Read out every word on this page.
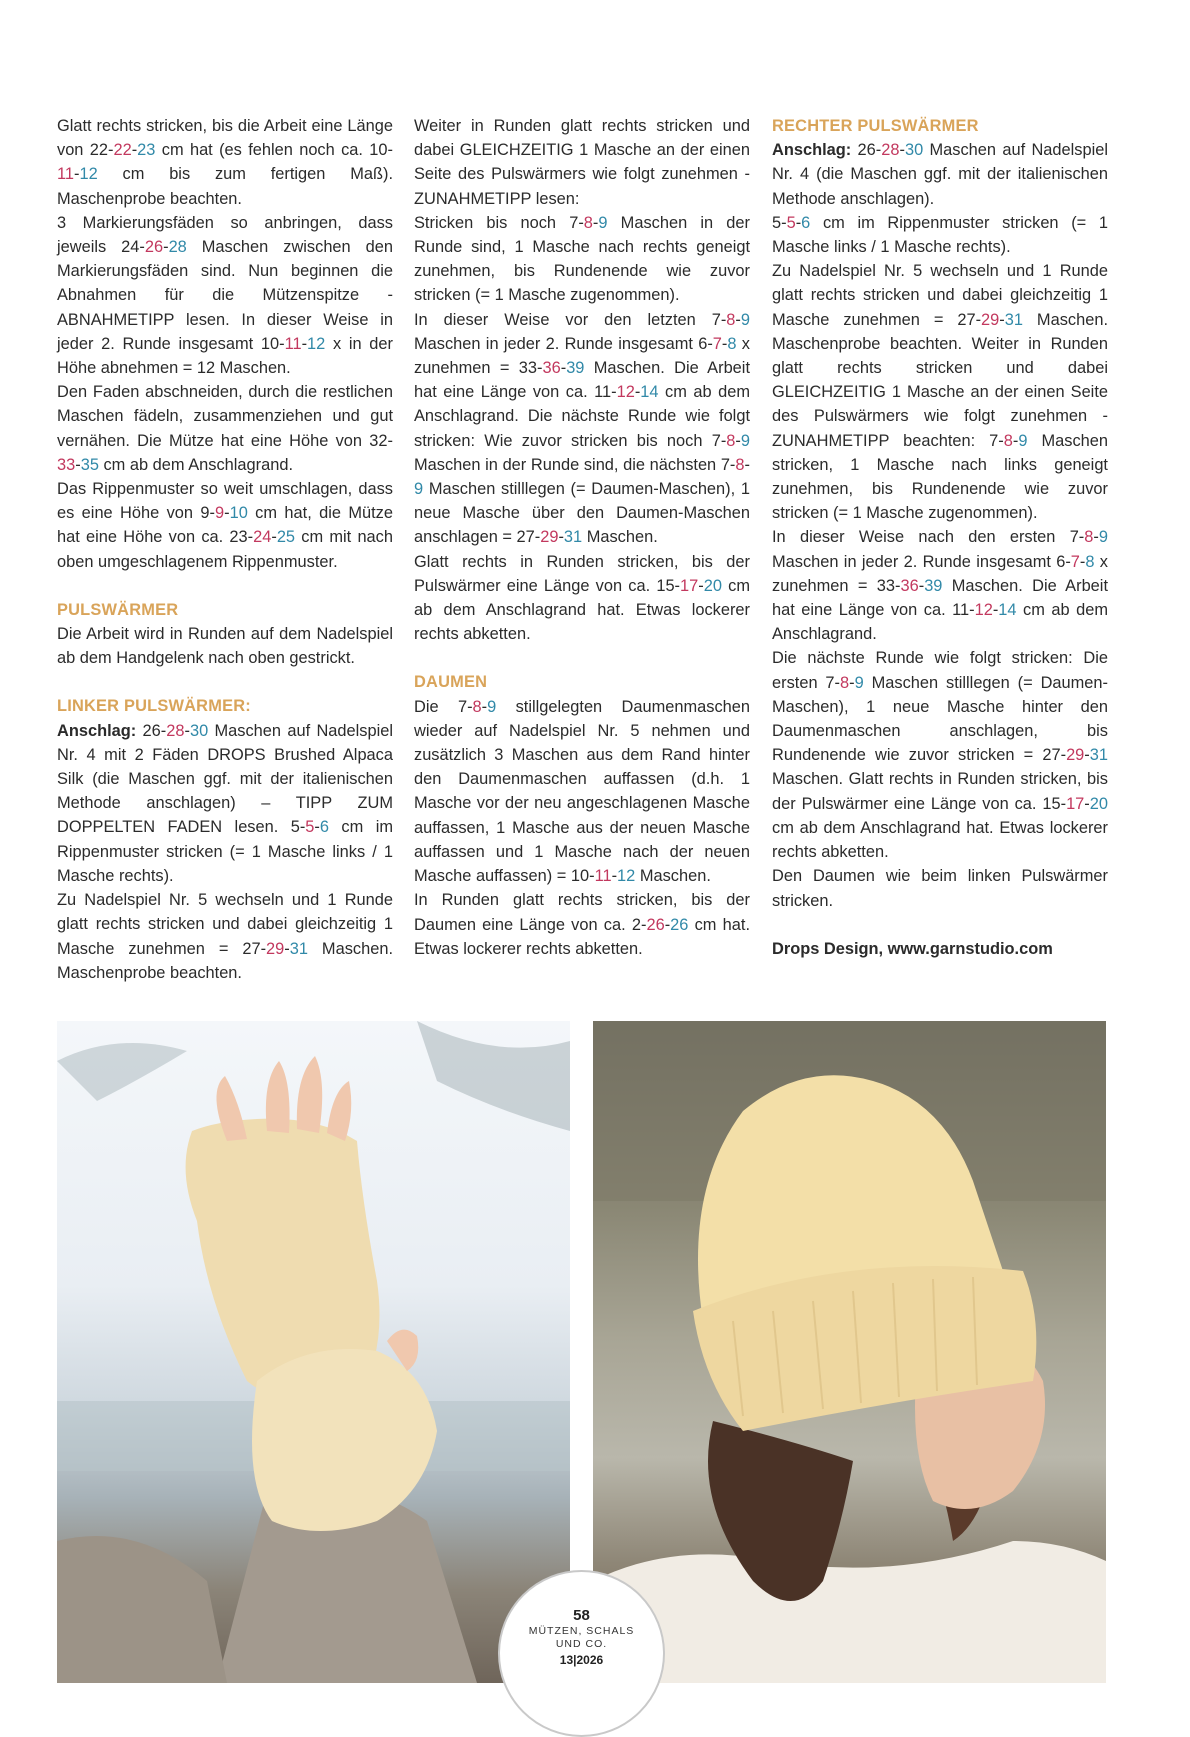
Glatt rechts stricken, bis die Arbeit eine Länge von 22-22-23 cm hat (es fehlen noch ca. 10-11-12 cm bis zum fertigen Maß). Maschenprobe beachten.

3 Markierungsfäden so anbringen, dass jeweils 24-26-28 Maschen zwischen den Markierungsfäden sind. Nun beginnen die Abnahmen für die Mützenspitze - ABNAHMETIPP lesen. In dieser Weise in jeder 2. Runde insgesamt 10-11-12 x in der Höhe abnehmen = 12 Maschen.

Den Faden abschneiden, durch die restlichen Maschen fädeln, zusammenziehen und gut vernähen. Die Mütze hat eine Höhe von 32-33-35 cm ab dem Anschlagrand.

Das Rippenmuster so weit umschlagen, dass es eine Höhe von 9-9-10 cm hat, die Mütze hat eine Höhe von ca. 23-24-25 cm mit nach oben umgeschlagenem Rippenmuster.

PULSWÄRMER

Die Arbeit wird in Runden auf dem Nadelspiel ab dem Handgelenk nach oben gestrickt.

LINKER PULSWÄRMER:

Anschlag: 26-28-30 Maschen auf Nadelspiel Nr. 4 mit 2 Fäden DROPS Brushed Alpaca Silk (die Maschen ggf. mit der italienischen Methode anschlagen) – TIPP ZUM DOPPELTEN FADEN lesen. 5-5-6 cm im Rippenmuster stricken (= 1 Masche links / 1 Masche rechts).

Zu Nadelspiel Nr. 5 wechseln und 1 Runde glatt rechts stricken und dabei gleichzeitig 1 Masche zunehmen = 27-29-31 Maschen. Maschenprobe beachten.

Weiter in Runden glatt rechts stricken und dabei GLEICHZEITIG 1 Masche an der einen Seite des Pulswärmers wie folgt zunehmen - ZUNAHMETIPP lesen:

Stricken bis noch 7-8-9 Maschen in der Runde sind, 1 Masche nach rechts geneigt zunehmen, bis Rundenende wie zuvor stricken (= 1 Masche zugenommen).

In dieser Weise vor den letzten 7-8-9 Maschen in jeder 2. Runde insgesamt 6-7-8 x zunehmen = 33-36-39 Maschen. Die Arbeit hat eine Länge von ca. 11-12-14 cm ab dem Anschlagrand. Die nächste Runde wie folgt stricken: Wie zuvor stricken bis noch 7-8-9 Maschen in der Runde sind, die nächsten 7-8-9 Maschen stilllegen (= Daumen-Maschen), 1 neue Masche über den Daumen-Maschen anschlagen = 27-29-31 Maschen.

Glatt rechts in Runden stricken, bis der Pulswärmer eine Länge von ca. 15-17-20 cm ab dem Anschlagrand hat. Etwas lockerer rechts abketten.

DAUMEN

Die 7-8-9 stillgelegten Daumenmaschen wieder auf Nadelspiel Nr. 5 nehmen und zusätzlich 3 Maschen aus dem Rand hinter den Daumenmaschen auffassen (d.h. 1 Masche vor der neu angeschlagenen Masche auffassen, 1 Masche aus der neuen Masche auffassen und 1 Masche nach der neuen Masche auffassen) = 10-11-12 Maschen.

In Runden glatt rechts stricken, bis der Daumen eine Länge von ca. 2-26-26 cm hat. Etwas lockerer rechts abketten.

RECHTER PULSWÄRMER

Anschlag: 26-28-30 Maschen auf Nadelspiel Nr. 4 (die Maschen ggf. mit der italienischen Methode anschlagen).

5-5-6 cm im Rippenmuster stricken (= 1 Masche links / 1 Masche rechts).

Zu Nadelspiel Nr. 5 wechseln und 1 Runde glatt rechts stricken und dabei gleichzeitig 1 Masche zunehmen = 27-29-31 Maschen. Maschenprobe beachten. Weiter in Runden glatt rechts stricken und dabei GLEICHZEITIG 1 Masche an der einen Seite des Pulswärmers wie folgt zunehmen - ZUNAHMETIPP beachten: 7-8-9 Maschen stricken, 1 Masche nach links geneigt zunehmen, bis Rundenende wie zuvor stricken (= 1 Masche zugenommen).

In dieser Weise nach den ersten 7-8-9 Maschen in jeder 2. Runde insgesamt 6-7-8 x zunehmen = 33-36-39 Maschen. Die Arbeit hat eine Länge von ca. 11-12-14 cm ab dem Anschlagrand.

Die nächste Runde wie folgt stricken: Die ersten 7-8-9 Maschen stilllegen (= Daumen-Maschen), 1 neue Masche hinter den Daumenmaschen anschlagen, bis Rundenende wie zuvor stricken = 27-29-31 Maschen. Glatt rechts in Runden stricken, bis der Pulswärmer eine Länge von ca. 15-17-20 cm ab dem Anschlagrand hat. Etwas lockerer rechts abketten.

Den Daumen wie beim linken Pulswärmer stricken.

Drops Design, www.garnstudio.com

58
MÜTZEN, SCHALS
UND CO.
13|2026
